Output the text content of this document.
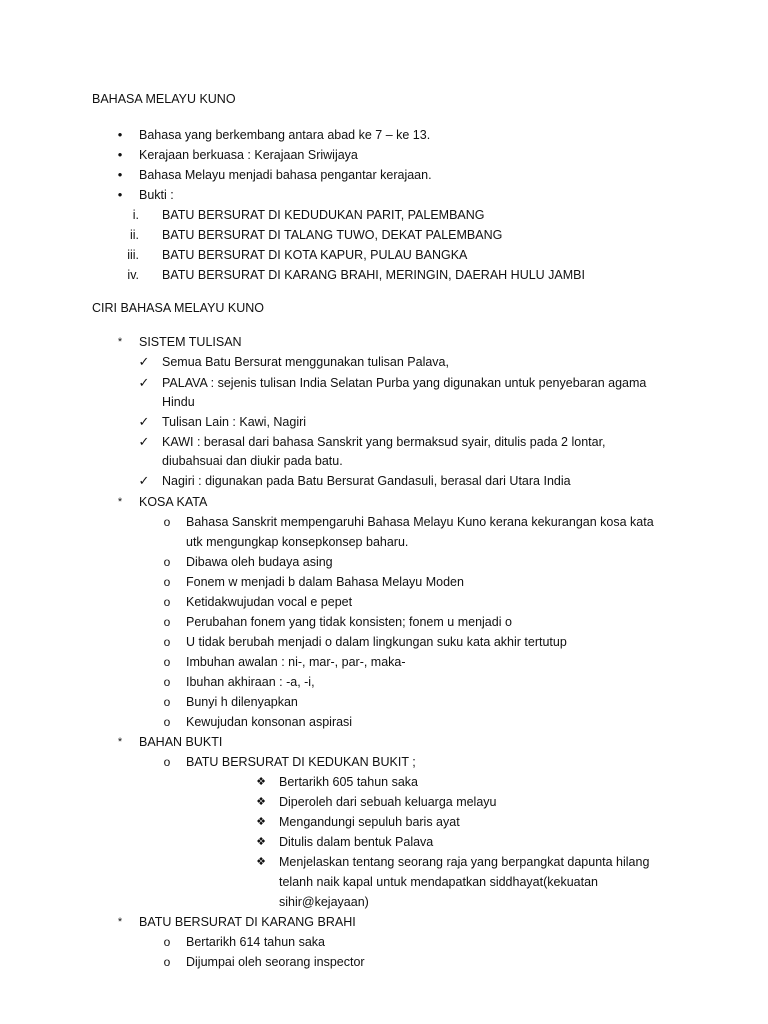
BAHASA MELAYU KUNO
•	Bahasa yang berkembang antara abad ke 7 – ke 13.
•	Kerajaan berkuasa : Kerajaan Sriwijaya
•	Bahasa Melayu menjadi bahasa pengantar kerajaan.
•	Bukti :
i. BATU BERSURAT DI KEDUDUKAN PARIT, PALEMBANG
ii. BATU BERSURAT DI TALANG TUWO, DEKAT PALEMBANG
iii. BATU BERSURAT DI KOTA KAPUR, PULAU BANGKA
iv. BATU BERSURAT DI KARANG BRAHI, MERINGIN, DAERAH HULU JAMBI
CIRI BAHASA MELAYU KUNO
*	SISTEM TULISAN
✓	Semua Batu Bersurat menggunakan tulisan Palava,
✓	PALAVA : sejenis tulisan India Selatan Purba yang digunakan untuk penyebaran agama
Hindu
✓	Tulisan Lain : Kawi, Nagiri
✓	KAWI : berasal dari bahasa Sanskrit yang bermaksud syair, ditulis pada 2 lontar,
diubahsuai dan diukir pada batu.
✓	Nagiri : digunakan pada Batu Bersurat Gandasuli, berasal dari Utara India
*	KOSA KATA
o	Bahasa Sanskrit mempengaruhi Bahasa Melayu Kuno kerana kekurangan kosa kata
utk mengungkap konsepkonsep baharu.
o	Dibawa oleh budaya asing
o	Fonem w menjadi b dalam Bahasa Melayu Moden
o	Ketidakwujudan vocal e pepet
o	Perubahan fonem yang tidak konsisten; fonem u menjadi o
o	U tidak berubah menjadi o dalam lingkungan suku kata akhir tertutup
o	Imbuhan awalan : ni-, mar-, par-, maka-
o	Ibuhan akhiraan : -a, -i,
o	Bunyi h dilenyapkan
o	Kewujudan konsonan aspirasi
*	BAHAN BUKTI
o	BATU BERSURAT DI KEDUKAN BUKIT ;
❖	Bertarikh 605 tahun saka
❖	Diperoleh dari sebuah keluarga melayu
❖	Mengandungi sepuluh baris ayat
❖	Ditulis dalam bentuk Palava
❖	Menjelaskan tentang seorang raja yang berpangkat dapunta hilang
telanh naik kapal untuk mendapatkan siddhayat(kekuatan
sihir@kejayaan)
*	BATU BERSURAT DI KARANG BRAHI
o	Bertarikh 614 tahun saka
o	Dijumpai oleh seorang inspector
